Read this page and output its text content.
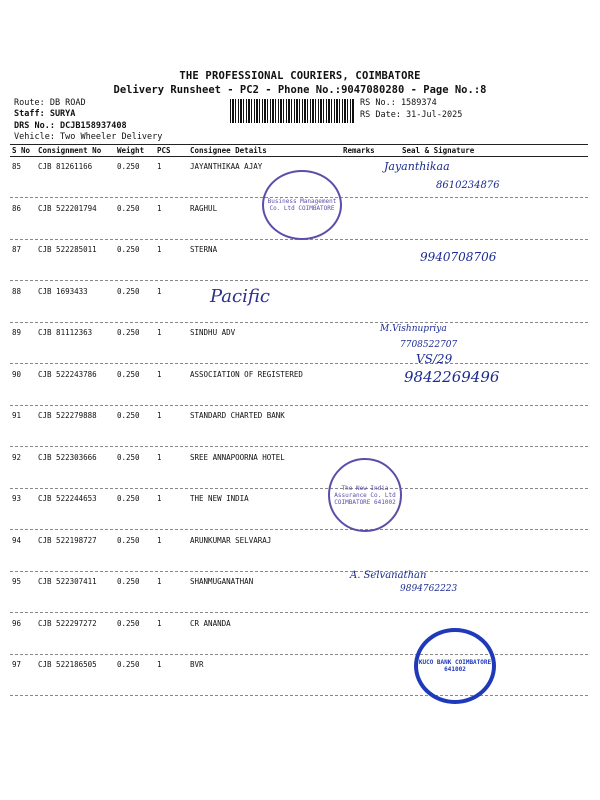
THE PROFESSIONAL COURIERS, COIMBATORE
Delivery Runsheet - PC2 - Phone No.:9047080280 - Page No.:8
Route: DB ROAD
Staff: SURYA
DRS No.: DCJB158937408
Vehicle: Two Wheeler Delivery
RS No.: 1589374
RS Date: 31-Jul-2025
S No Consignment No Weight PCS	Consignee Details	Remarks	Seal & Signature
85 CJB 81261166	0.250 1	JAYANTHIKAA AJAY
86 CJB 522201794	0.250 1	RAGHUL
87 CJB 522285011	0.250 1	STERNA
88 CJB 1693433	0.250 1
89 CJB 81112363	0.250 1	SINDHU ADV
90 CJB 522243786	0.250 1	ASSOCIATION OF REGISTERED
91 CJB 522279888	0.250 1	STANDARD CHARTED BANK
92 CJB 522303666	0.250 1	SREE ANNAPOORNA HOTEL
93 CJB 522244653	0.250 1	THE NEW INDIA
94 CJB 522198727	0.250 1	ARUNKUMAR SELVARAJ
95 CJB 522307411	0.250 1	SHANMUGANATHAN
96 CJB 522297272	0.250 1	CR ANANDA
97 CJB 522186505	0.250 1	BVR
Jayanthikaa
8610234876
9940708706
Pacific
M.Vishnupriya
7708522707
VS/29
9842269496
A. Selvanathan
9894762223
Business Management Co. Ltd COIMBATORE
The New India Assurance Co. Ltd COIMBATORE 641002
KUCO BANK COIMBATORE 641002
